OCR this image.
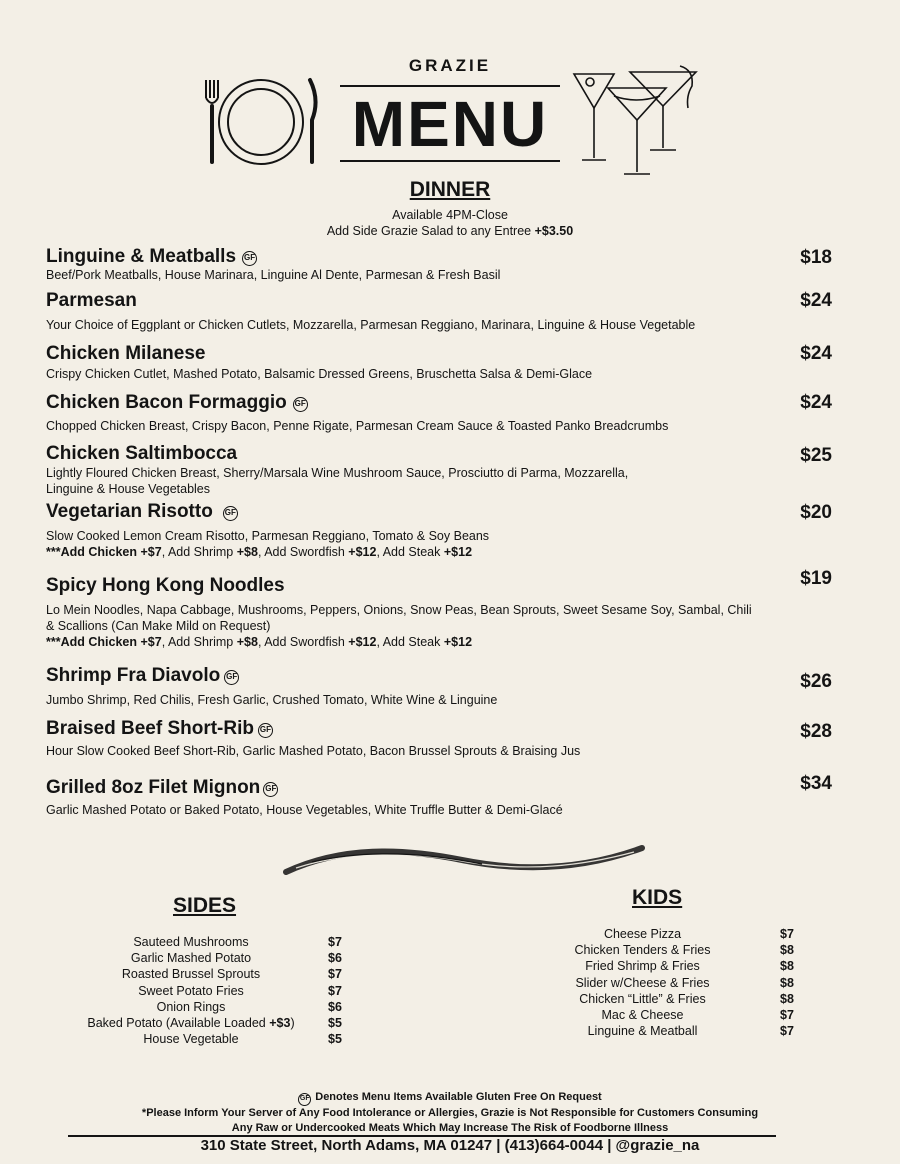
GRAZIE
MENU
DINNER
Available 4PM-Close
Add Side Grazie Salad to any Entree +$3.50
Linguine & Meatballs GF
Beef/Pork Meatballs, House Marinara, Linguine Al Dente, Parmesan & Fresh Basil
$18
Parmesan
Your Choice of Eggplant or Chicken Cutlets, Mozzarella, Parmesan Reggiano, Marinara, Linguine & House Vegetable
$24
Chicken Milanese
Crispy Chicken Cutlet, Mashed Potato, Balsamic Dressed Greens, Bruschetta Salsa & Demi-Glace
$24
Chicken Bacon Formaggio GF
Chopped Chicken Breast, Crispy Bacon, Penne Rigate, Parmesan Cream Sauce & Toasted Panko Breadcrumbs
$24
Chicken Saltimbocca
Lightly Floured Chicken Breast, Sherry/Marsala Wine Mushroom Sauce, Prosciutto di Parma, Mozzarella,
Linguine & House Vegetables
$25
Vegetarian Risotto GF
Slow Cooked Lemon Cream Risotto, Parmesan Reggiano, Tomato & Soy Beans
***Add Chicken +$7, Add Shrimp +$8, Add Swordfish +$12, Add Steak +$12
$20
Spicy Hong Kong Noodles
Lo Mein Noodles, Napa Cabbage, Mushrooms, Peppers, Onions, Snow Peas, Bean Sprouts, Sweet Sesame Soy, Sambal, Chili
& Scallions (Can Make Mild on Request)
***Add Chicken +$7, Add Shrimp +$8, Add Swordfish +$12, Add Steak +$12
$19
Shrimp Fra Diavolo GF
Jumbo Shrimp, Red Chilis, Fresh Garlic, Crushed Tomato, White Wine & Linguine
$26
Braised Beef Short-Rib GF
Hour Slow Cooked Beef Short-Rib, Garlic Mashed Potato, Bacon Brussel Sprouts & Braising Jus
$28
Grilled 8oz Filet Mignon GF
Garlic Mashed Potato or Baked Potato, House Vegetables, White Truffle Butter & Demi-Glacé
$34
SIDES
Sauteed Mushrooms
Garlic Mashed Potato
Roasted Brussel Sprouts
Sweet Potato Fries
Onion Rings
Baked Potato (Available Loaded +$3)
House Vegetable
$7
$6
$7
$7
$6
$5
$5
KIDS
Cheese Pizza
Chicken Tenders & Fries
Fried Shrimp & Fries
Slider w/Cheese & Fries
Chicken “Little” & Fries
Mac & Cheese
Linguine & Meatball
$7
$8
$8
$8
$8
$7
$7
GF Denotes Menu Items Available Gluten Free On Request
*Please Inform Your Server of Any Food Intolerance or Allergies, Grazie is Not Responsible for Customers Consuming
Any Raw or Undercooked Meats Which May Increase The Risk of Foodborne Illness
310 State Street, North Adams, MA 01247 | (413)664-0044 | @grazie_na
